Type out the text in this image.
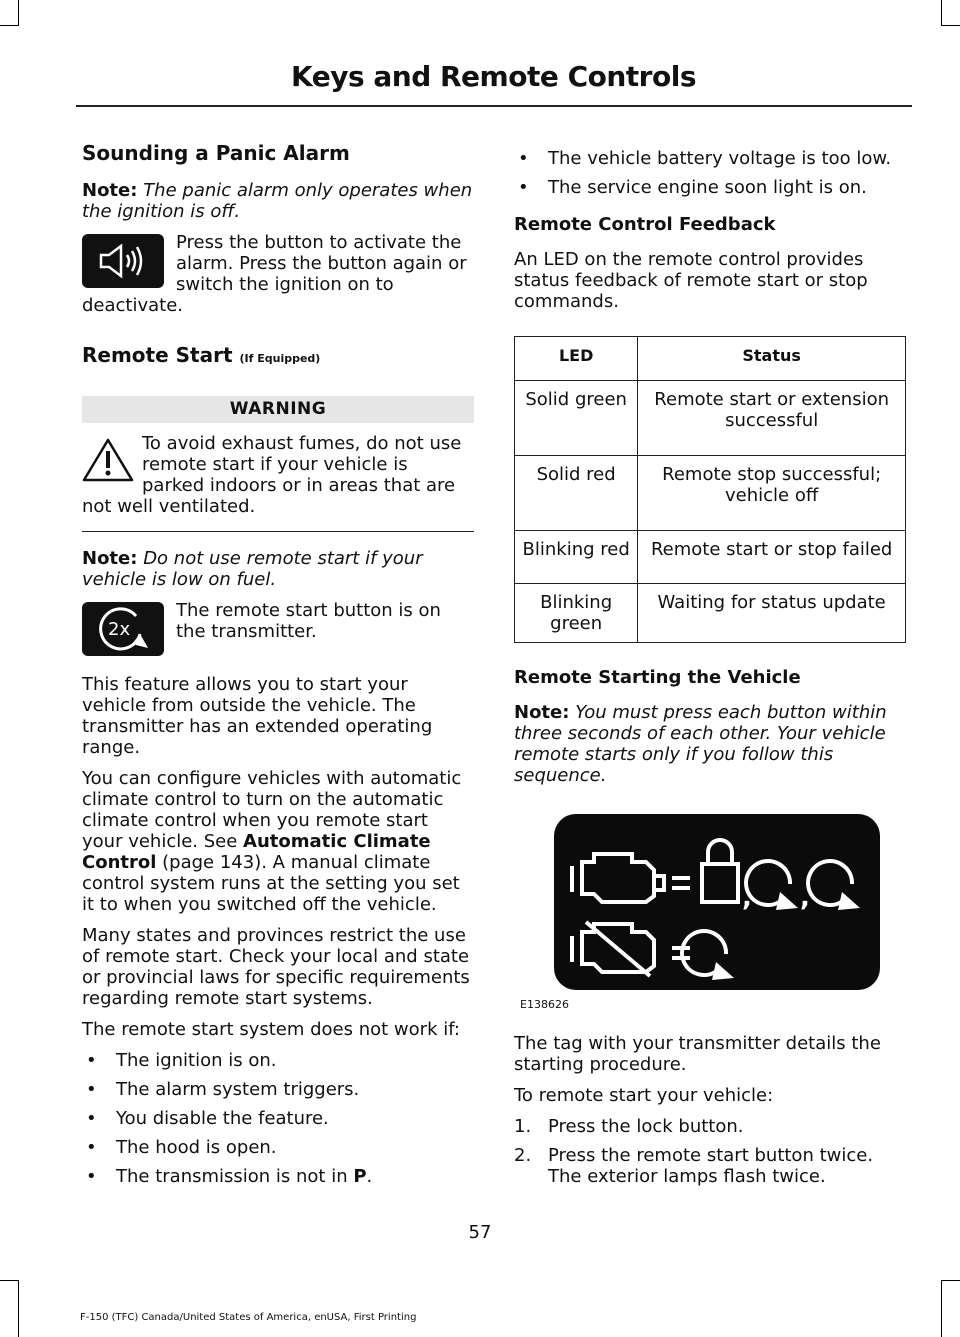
Keys and Remote Controls
Sounding a Panic Alarm

Note: The panic alarm only operates when the ignition is off.

Press the button to activate the alarm. Press the button again or switch the ignition on to deactivate.
Remote Start (If Equipped)
WARNING
To avoid exhaust fumes, do not use remote start if your vehicle is parked indoors or in areas that are not well ventilated.

Note: Do not use remote start if your vehicle is low on fuel.

2x
The remote start button is on the transmitter.

This feature allows you to start your vehicle from outside the vehicle. The transmitter has an extended operating range.

You can configure vehicles with automatic climate control to turn on the automatic climate control when you remote start your vehicle. See Automatic Climate Control (page 143). A manual climate control system runs at the setting you set it to when you switched off the vehicle.

Many states and provinces restrict the use of remote start. Check your local and state or provincial laws for specific requirements regarding remote start systems.

The remote start system does not work if:

• The ignition is on.
• The alarm system triggers.
• You disable the feature.
• The hood is open.
• The transmission is not in P.
• The vehicle battery voltage is too low.
• The service engine soon light is on.
Remote Control Feedback

An LED on the remote control provides status feedback of remote start or stop commands.

LED	Status
Solid green	Remote start or extension successful
Solid red	Remote stop successful; vehicle off
Blinking red	Remote start or stop failed
Blinking green	Waiting for status update
Remote Starting the Vehicle

Note: You must press each button within three seconds of each other. Your vehicle remote starts only if you follow this sequence.

, ,
E138626

The tag with your transmitter details the starting procedure.

To remote start your vehicle:

1. Press the lock button.
2. Press the remote start button twice. The exterior lamps flash twice.
57
F-150 (TFC) Canada/United States of America, enUSA, First Printing
